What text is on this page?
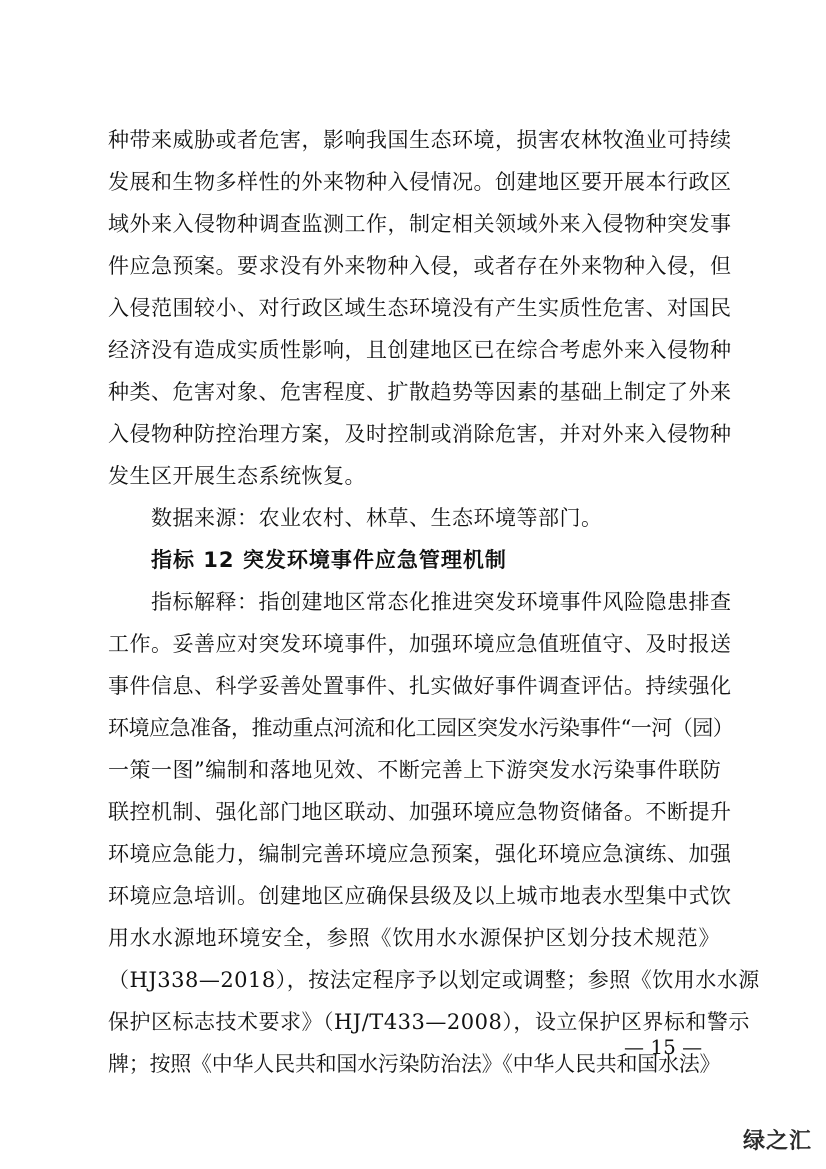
种带来威胁或者危害，影响我国生态环境，损害农林牧渔业可持续
发展和生物多样性的外来物种入侵情况。创建地区要开展本行政区
域外来入侵物种调查监测工作，制定相关领域外来入侵物种突发事
件应急预案。要求没有外来物种入侵，或者存在外来物种入侵，但
入侵范围较小、对行政区域生态环境没有产生实质性危害、对国民
经济没有造成实质性影响，且创建地区已在综合考虑外来入侵物种
种类、危害对象、危害程度、扩散趋势等因素的基础上制定了外来
入侵物种防控治理方案，及时控制或消除危害，并对外来入侵物种
发生区开展生态系统恢复。
数据来源：农业农村、林草、生态环境等部门。
指标 12 突发环境事件应急管理机制
指标解释：指创建地区常态化推进突发环境事件风险隐患排查
工作。妥善应对突发环境事件，加强环境应急值班值守、及时报送
事件信息、科学妥善处置事件、扎实做好事件调查评估。持续强化
环境应急准备，推动重点河流和化工园区突发水污染事件“一河（园）
一策一图”编制和落地见效、不断完善上下游突发水污染事件联防
联控机制、强化部门地区联动、加强环境应急物资储备。不断提升
环境应急能力，编制完善环境应急预案，强化环境应急演练、加强
环境应急培训。创建地区应确保县级及以上城市地表水型集中式饮
用水水源地环境安全，参照《饮用水水源保护区划分技术规范》
（HJ338—2018），按法定程序予以划定或调整；参照《饮用水水源
保护区标志技术要求》（HJ/T433—2008），设立保护区界标和警示
牌；按照《中华人民共和国水污染防治法》《中华人民共和国水法》
— 15 —
绿之汇
